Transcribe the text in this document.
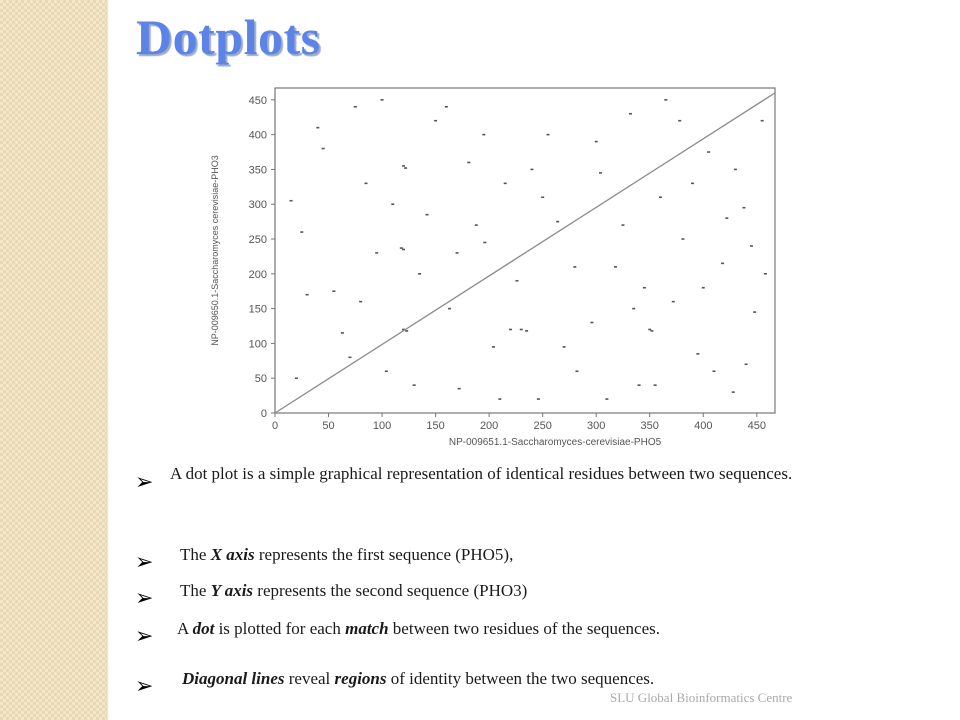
Dotplots
0	50	100	150	200	250	300	350	400	450
0
50
100
150
200
250
300
350
400
450
NP-009651.1-Saccharomyces-cerevisiae-PHO5
NP-009650.1-Saccharomyces cerevisiae-PHO3
➢ A dot plot is a simple graphical representation of identical residues between two sequences.
➢ The X axis represents the first sequence (PHO5),
➢ The Y axis represents the second sequence (PHO3)
➢ A dot is plotted for each match between two residues of the sequences.
➢ Diagonal lines reveal regions of identity between the two sequences.
SLU Global Bioinformatics Centre
